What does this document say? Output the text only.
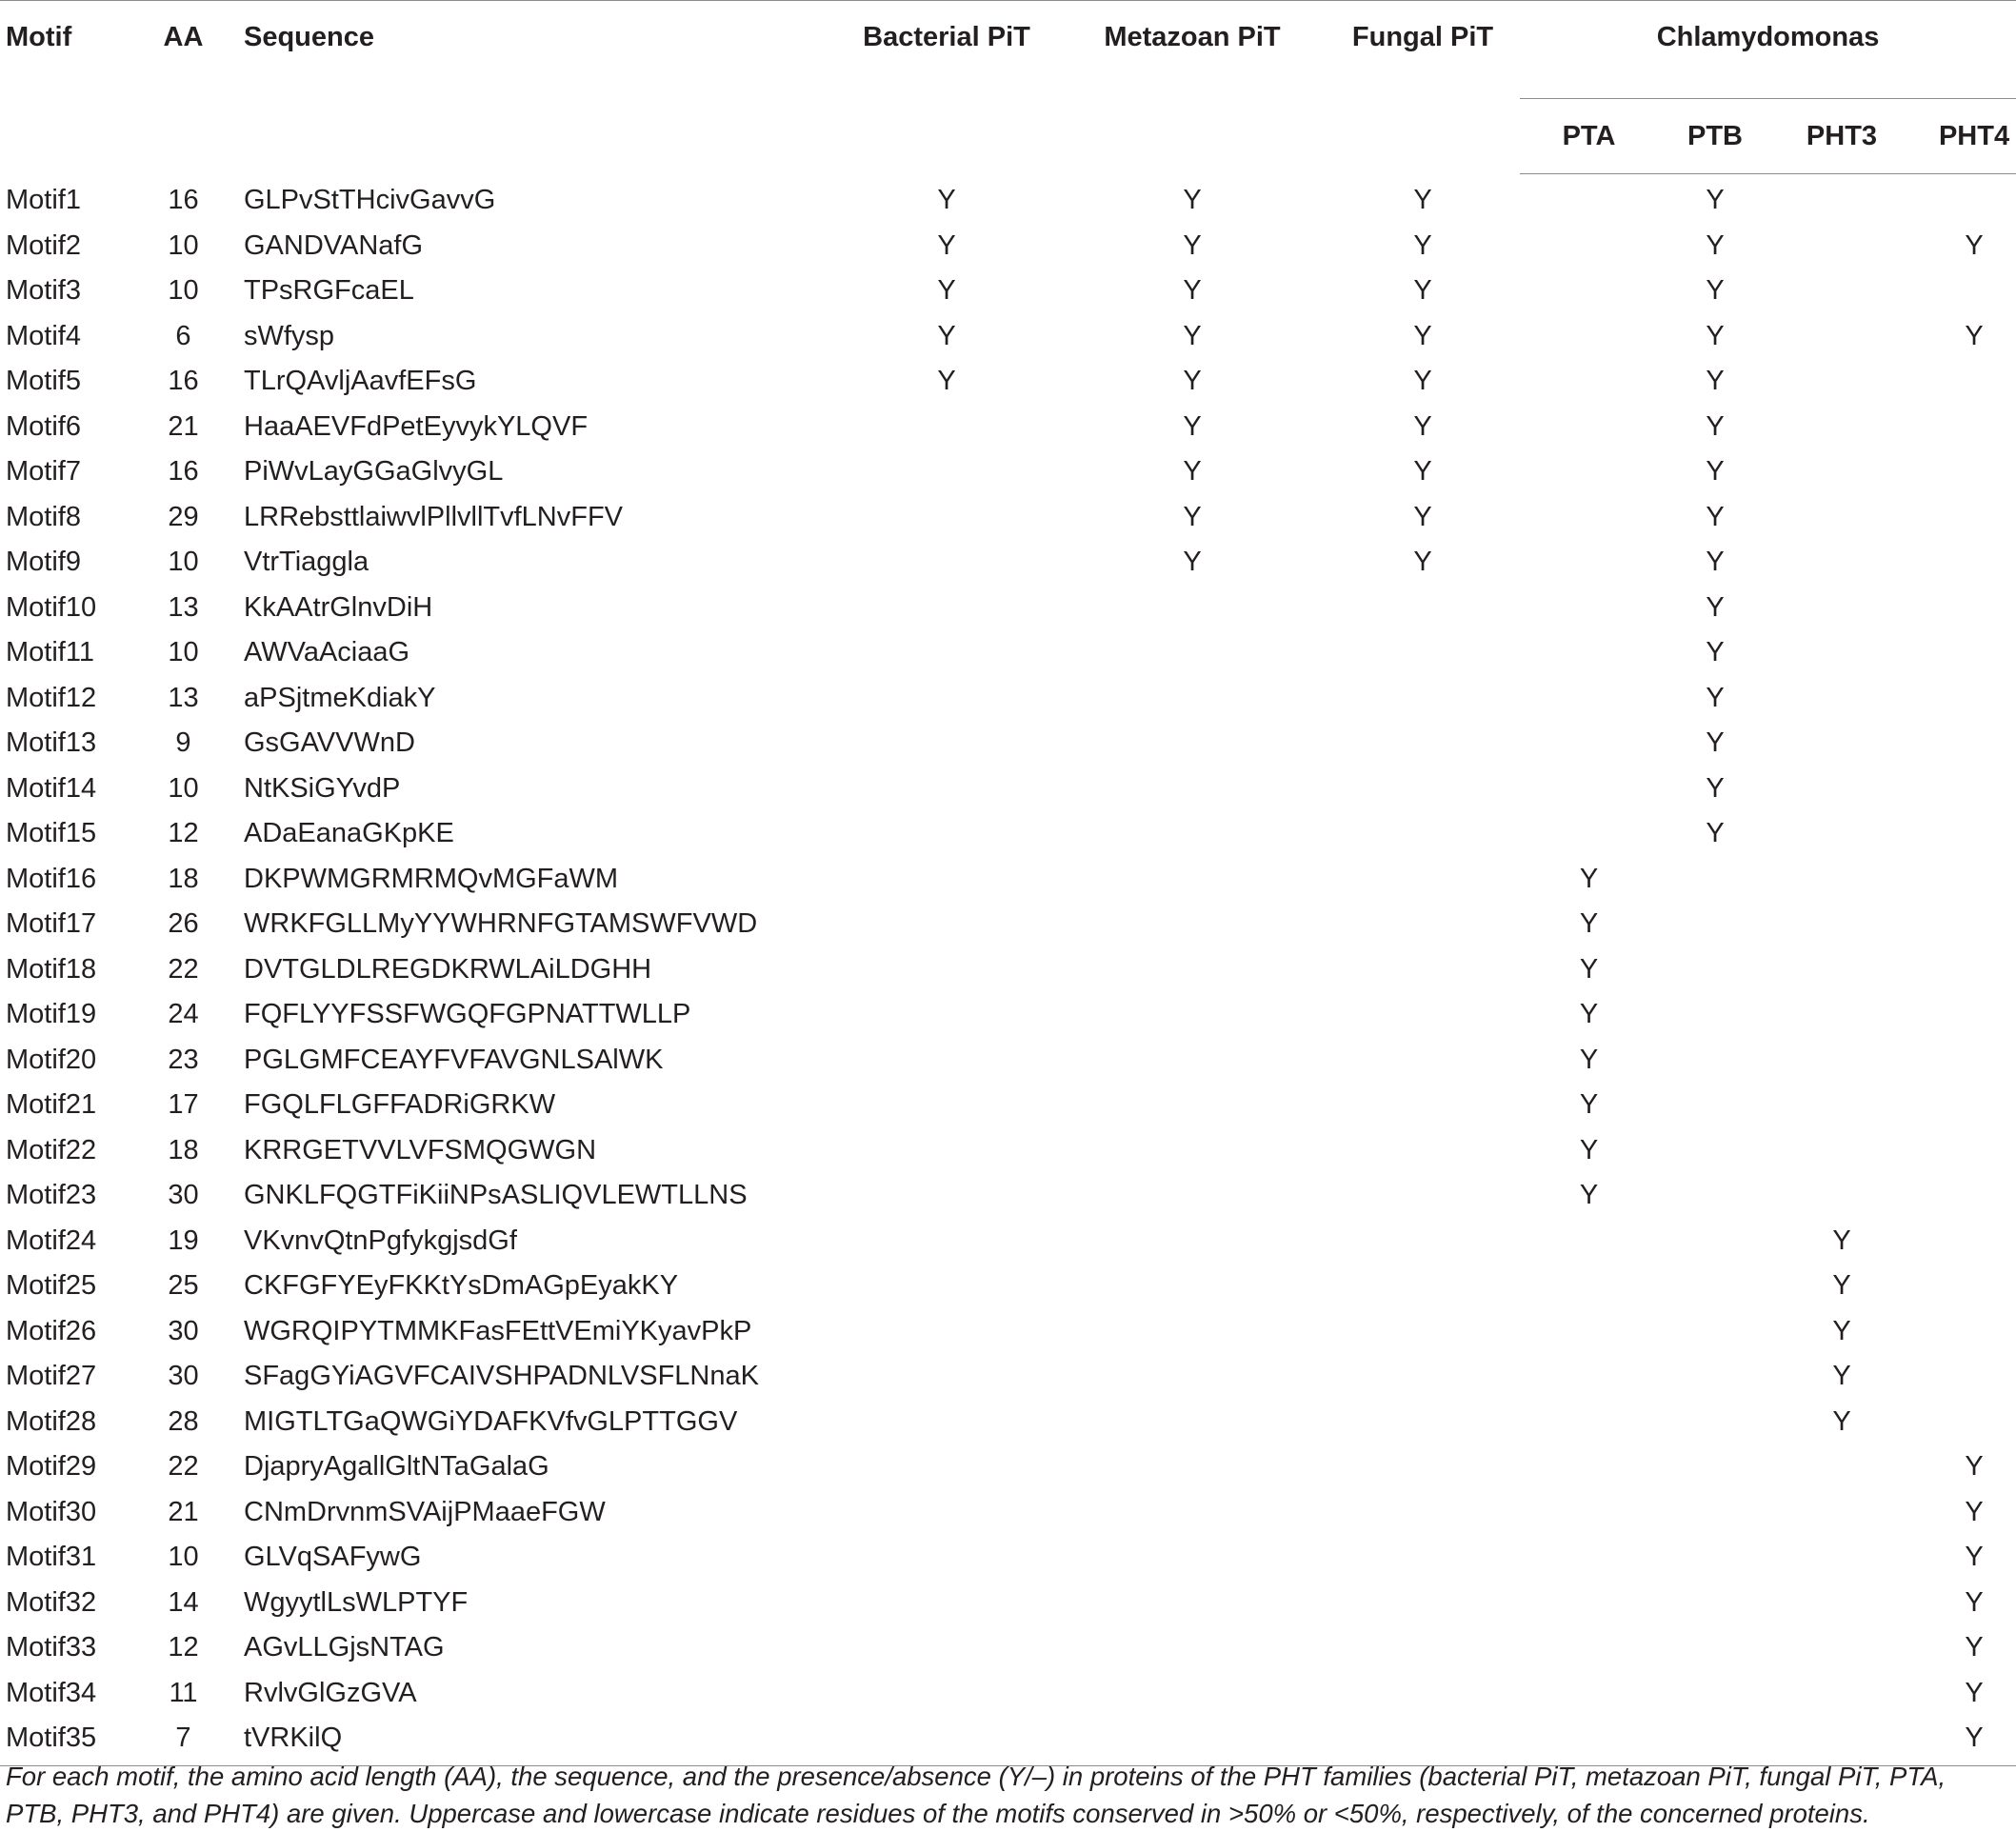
Motif	AA	Sequence	Bacterial PiT	Metazoan PiT	Fungal PiT	Chlamydomonas			
						PTA	PTB	PHT3	PHT4
Motif1	16	GLPvStTHcivGavvG	Y	Y	Y		Y		
Motif2	10	GANDVANafG	Y	Y	Y		Y		Y
Motif3	10	TPsRGFcaEL	Y	Y	Y		Y		
Motif4	6	sWfysp	Y	Y	Y		Y		Y
Motif5	16	TLrQAvljAavfEFsG	Y	Y	Y		Y		
Motif6	21	HaaAEVFdPetEyvykYLQVF		Y	Y		Y		
Motif7	16	PiWvLayGGaGlvyGL		Y	Y		Y		
Motif8	29	LRRebsttlaiwvlPllvllTvfLNvFFV		Y	Y		Y		
Motif9	10	VtrTiaggla		Y	Y		Y		
Motif10	13	KkAAtrGlnvDiH					Y		
Motif11	10	AWVaAciaaG					Y		
Motif12	13	aPSjtmeKdiakY					Y		
Motif13	9	GsGAVVWnD					Y		
Motif14	10	NtKSiGYvdP					Y		
Motif15	12	ADaEanaGKpKE					Y		
Motif16	18	DKPWMGRMRMQvMGFaWM				Y			
Motif17	26	WRKFGLLMyYYWHRNFGTAMSWFVWD				Y			
Motif18	22	DVTGLDLREGDKRWLAiLDGHH				Y			
Motif19	24	FQFLYYFSSFWGQFGPNATTWLLP				Y			
Motif20	23	PGLGMFCEAYFVFAVGNLSAlWK				Y			
Motif21	17	FGQLFLGFFADRiGRKW				Y			
Motif22	18	KRRGETVVLVFSMQGWGN				Y			
Motif23	30	GNKLFQGTFiKiiNPsASLIQVLEWTLLNS				Y			
Motif24	19	VKvnvQtnPgfykgjsdGf						Y	
Motif25	25	CKFGFYEyFKKtYsDmAGpEyakKY						Y	
Motif26	30	WGRQIPYTMMKFasFEttVEmiYKyavPkP						Y	
Motif27	30	SFagGYiAGVFCAIVSHPADNLVSFLNnaK						Y	
Motif28	28	MIGTLTGaQWGiYDAFKVfvGLPTTGGV						Y	
Motif29	22	DjapryAgallGltNTaGalaG							Y
Motif30	21	CNmDrvnmSVAijPMaaeFGW							Y
Motif31	10	GLVqSAFywG							Y
Motif32	14	WgyytlLsWLPTYF							Y
Motif33	12	AGvLLGjsNTAG							Y
Motif34	11	RvlvGlGzGVA							Y
Motif35	7	tVRKilQ							Y
For each motif, the amino acid length (AA), the sequence, and the presence/absence (Y/–) in proteins of the PHT families (bacterial PiT, metazoan PiT, fungal PiT, PTA,
PTB, PHT3, and PHT4) are given. Uppercase and lowercase indicate residues of the motifs conserved in >50% or <50%, respectively, of the concerned proteins.
